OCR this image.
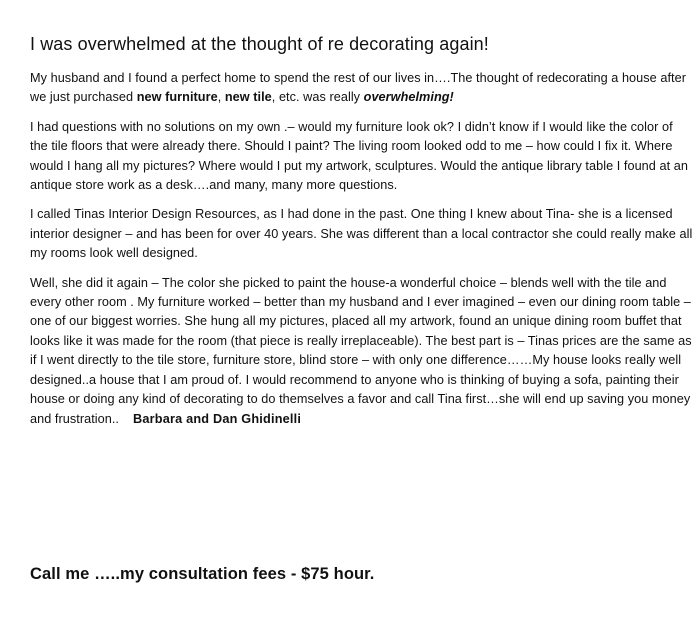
I was overwhelmed at the thought of re decorating again!

My husband and I found a perfect home to spend the rest of our lives in….The thought of redecorating a house after we just purchased new furniture, new tile, etc. was really overwhelming!

I had questions with no solutions on my own .– would my furniture look ok? I didn’t know if I would like the color of the tile floors that were already there. Should I paint? The living room looked odd to me – how could I fix it. Where would I hang all my pictures? Where would I put my artwork, sculptures. Would the antique library table I found at an antique store work as a desk….and many, many more questions.

I called Tinas Interior Design Resources, as I had done in the past. One thing I knew about Tina- she is a licensed interior designer – and has been for over 40 years. She was different than a local contractor she could really make all my rooms look well designed.

Well, she did it again – The color she picked to paint the house-a wonderful choice – blends well with the tile and every other room . My furniture worked – better than my husband and I ever imagined – even our dining room table – one of our biggest worries. She hung all my pictures, placed all my artwork, found an unique dining room buffet that looks like it was made for the room (that piece is really irreplaceable). The best part is – Tinas prices are the same as if I went directly to the tile store, furniture store, blind store – with only one difference……My house looks really well designed..a house that I am proud of. I would recommend to anyone who is thinking of buying a sofa, painting their house or doing any kind of decorating to do themselves a favor and call Tina first…she will end up saving you money and frustration.. Barbara and Dan Ghidinelli

Call me …..my consultation fees - $75 hour.
